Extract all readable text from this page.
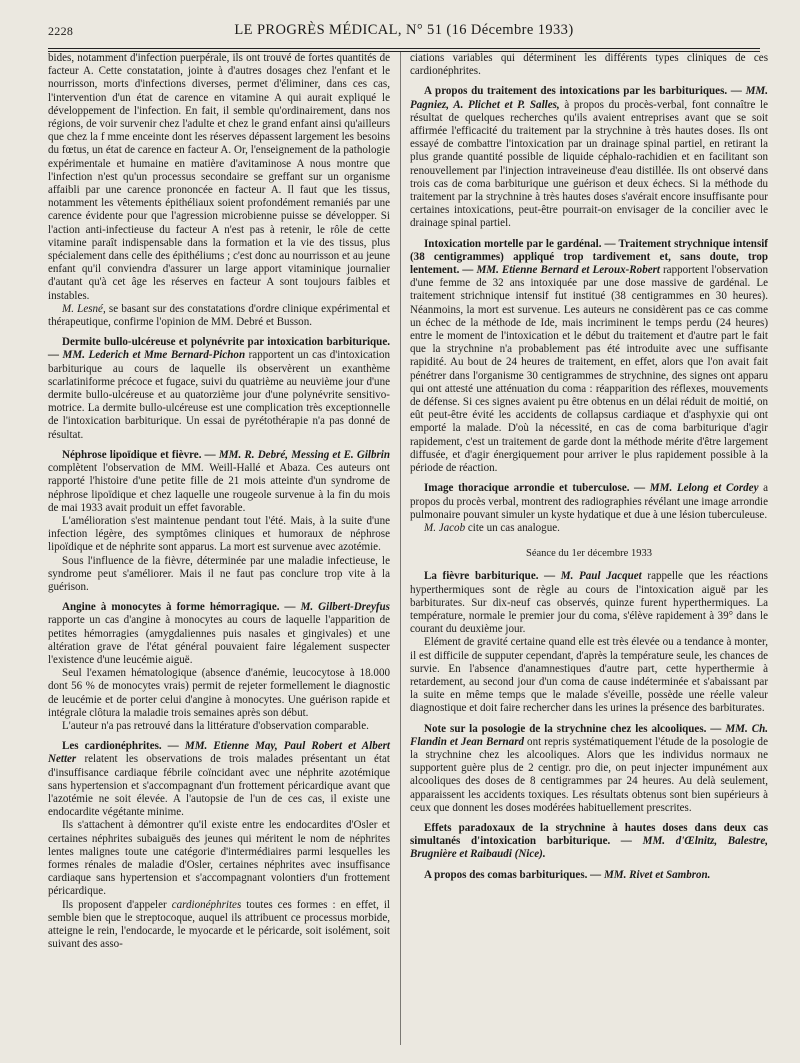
2228	LE PROGRÈS MÉDICAL, N° 51 (16 Décembre 1933)

bides, notamment d'infection puerpérale, ils ont trouvé de fortes quantités de facteur A. Cette constatation, jointe à d'autres dosages chez l'enfant et le nourrisson, morts d'infections diverses, permet d'éliminer, dans ces cas, l'intervention d'un état de carence en vitamine A qui aurait expliqué le développement de l'infection. En fait, il semble qu'ordinairement, dans nos régions, de voir survenir chez l'adulte et chez le grand enfant ainsi qu'ailleurs que chez la f mme enceinte dont les réserves dépassent largement les besoins du fœtus, un état de carence en facteur A. Or, l'enseignement de la pathologie expérimentale et humaine en matière d'avitaminose A nous montre que l'infection n'est qu'un processus secondaire se greffant sur un organisme affaibli par une carence prononcée en facteur A. Il faut que les tissus, notamment les vêtements épithéliaux soient profondément remaniés par une carence évidente pour que l'agression microbienne puisse se développer. Si l'action anti-infectieuse du facteur A n'est pas à retenir, le rôle de cette vitamine paraît indispensable dans la formation et la vie des tissus, plus spécialement dans celle des épithéliums ; c'est donc au nourrisson et au jeune enfant qu'il conviendra d'assurer un large apport vitaminique journalier d'autant qu'à cet âge les réserves en facteur A sont toujours faibles et instables.

M. Lesné, se basant sur des constatations d'ordre clinique expérimental et thérapeutique, confirme l'opinion de MM. Debré et Busson.

Dermite bullo-ulcéreuse et polynévrite par intoxication barbiturique. — MM. Lederich et Mme Bernard-Pichon rapportent un cas d'intoxication barbiturique au cours de laquelle ils observèrent un exanthème scarlatiniforme précoce et fugace, suivi du quatrième au neuvième jour d'une dermite bullo-ulcéreuse et au quatorzième jour d'une polynévrite sensitivo-motrice. La dermite bullo-ulcéreuse est une complication très exceptionnelle de l'intoxication barbiturique. Un essai de pyrétothérapie n'a pas donné de résultat.

Néphrose lipoïdique et fièvre. — MM. R. Debré, Messing et E. Gilbrin complètent l'observation de MM. Weill-Hallé et Abaza. Ces auteurs ont rapporté l'histoire d'une petite fille de 21 mois atteinte d'un syndrome de néphrose lipoïdique et chez laquelle une rougeole survenue à la fin du mois de mai 1933 avait produit un effet favorable.

L'amélioration s'est maintenue pendant tout l'été. Mais, à la suite d'une infection légère, des symptômes cliniques et humoraux de néphrose lipoïdique et de néphrite sont apparus. La mort est survenue avec azotémie.

Sous l'influence de la fièvre, déterminée par une maladie infectieuse, le syndrome peut s'améliorer. Mais il ne faut pas conclure trop vite à la guérison.

Angine à monocytes à forme hémorragique. — M. Gilbert-Dreyfus rapporte un cas d'angine à monocytes au cours de laquelle l'apparition de petites hémorragies (amygdaliennes puis nasales et gingivales) et une altération grave de l'état général pouvaient faire légalement suspecter l'existence d'une leucémie aiguë.

Seul l'examen hématologique (absence d'anémie, leucocytose à 18.000 dont 56 % de monocytes vrais) permit de rejeter formellement le diagnostic de leucémie et de porter celui d'angine à monocytes. Une guérison rapide et intégrale clôtura la maladie trois semaines après son début.

L'auteur n'a pas retrouvé dans la littérature d'observation comparable.

Les cardionéphrites. — MM. Etienne May, Paul Robert et Albert Netter relatent les observations de trois malades présentant un état d'insuffisance cardiaque fébrile coïncidant avec une néphrite azotémique sans hypertension et s'accompagnant d'un frottement péricardique avant que l'azotémie ne soit élevée. A l'autopsie de l'un de ces cas, il existe une endocardite végétante minime.

Ils s'attachent à démontrer qu'il existe entre les endocardites d'Osler et certaines néphrites subaiguës des jeunes qui méritent le nom de néphrites lentes malignes toute une catégorie d'intermédiaires parmi lesquelles les formes rénales de maladie d'Osler, certaines néphrites avec insuffisance cardiaque sans hypertension et s'accompagnant volontiers d'un frottement péricardique.

Ils proposent d'appeler cardionéphrites toutes ces formes : en effet, il semble bien que le streptocoque, auquel ils attribuent ce processus morbide, atteigne le rein, l'endocarde, le myocarde et le péricarde, soit isolément, soit suivant des asso-

ciations variables qui déterminent les différents types cliniques de ces cardionéphrites.

A propos du traitement des intoxications par les barbituriques. — MM. Pagniez, A. Plichet et P. Salles, à propos du procès-verbal, font connaître le résultat de quelques recherches qu'ils avaient entreprises avant que se soit affirmée l'efficacité du traitement par la strychnine à très hautes doses. Ils ont essayé de combattre l'intoxication par un drainage spinal partiel, en retirant la plus grande quantité possible de liquide céphalo-rachidien et en facilitant son renouvellement par l'injection intraveineuse d'eau distillée. Ils ont observé dans trois cas de coma barbiturique une guérison et deux échecs. Si la méthode du traitement par la strychnine à très hautes doses s'avérait encore insuffisante pour certaines intoxications, peut-être pourrait-on envisager de la concilier avec le drainage spinal partiel.

Intoxication mortelle par le gardénal. — Traitement strychnique intensif (38 centigrammes) appliqué trop tardivement et, sans doute, trop lentement. — MM. Etienne Bernard et Leroux-Robert rapportent l'observation d'une femme de 32 ans intoxiquée par une dose massive de gardénal. Le traitement strichnique intensif fut institué (38 centigrammes en 30 heures). Néanmoins, la mort est survenue. Les auteurs ne considèrent pas ce cas comme un échec de la méthode de Ide, mais incriminent le temps perdu (24 heures) entre le moment de l'intoxication et le début du traitement et d'autre part le fait que la strychnine n'a probablement pas été introduite avec une suffisante rapidité. Au bout de 24 heures de traitement, en effet, alors que l'on avait fait pénétrer dans l'organisme 30 centigrammes de strychnine, des signes ont apparu qui ont attesté une atténuation du coma : réapparition des réflexes, mouvements de défense. Si ces signes avaient pu être obtenus en un délai réduit de moitié, on eût peut-être évité les accidents de collapsus cardiaque et d'asphyxie qui ont emporté la malade. D'où la nécessité, en cas de coma barbiturique d'agir rapidement, c'est un traitement de garde dont la méthode mérite d'être largement diffusée, et d'agir énergiquement pour arriver le plus rapidement possible à la période de réaction.

Image thoracique arrondie et tuberculose. — MM. Lelong et Cordey a propos du procès verbal, montrent des radiographies révélant une image arrondie pulmonaire pouvant simuler un kyste hydatique et due à une lésion tuberculeuse.

M. Jacob cite un cas analogue.

Séance du 1er décembre 1933

La fièvre barbiturique. — M. Paul Jacquet rappelle que les réactions hyperthermiques sont de règle au cours de l'intoxication aiguë par les barbiturates. Sur dix-neuf cas observés, quinze furent hyperthermiques. La température, normale le premier jour du coma, s'élève rapidement à 39° dans le courant du deuxième jour.

Elément de gravité certaine quand elle est très élevée ou a tendance à monter, il est difficile de supputer cependant, d'après la température seule, les chances de survie. En l'absence d'anamnestiques d'autre part, cette hyperthermie à retardement, au second jour d'un coma de cause indéterminée et s'abaissant par la suite en même temps que le malade s'éveille, possède une réelle valeur diagnostique et doit faire rechercher dans les urines la présence des barbiturates.

Note sur la posologie de la strychnine chez les alcooliques. — MM. Ch. Flandin et Jean Bernard ont repris systématiquement l'étude de la posologie de la strychnine chez les alcooliques. Alors que les individus normaux ne supportent guère plus de 2 centigr. pro die, on peut injecter impunément aux alcooliques des doses de 8 centigrammes par 24 heures. Au delà seulement, apparaissent les accidents toxiques. Les résultats obtenus sont bien supérieurs à ceux que donnent les doses modérées habituellement prescrites.

Effets paradoxaux de la strychnine à hautes doses dans deux cas simultanés d'intoxication barbiturique. — MM. d'Œlnitz, Balestre, Brugnière et Raibaudi (Nice).

A propos des comas barbituriques. — MM. Rivet et Sambron.
